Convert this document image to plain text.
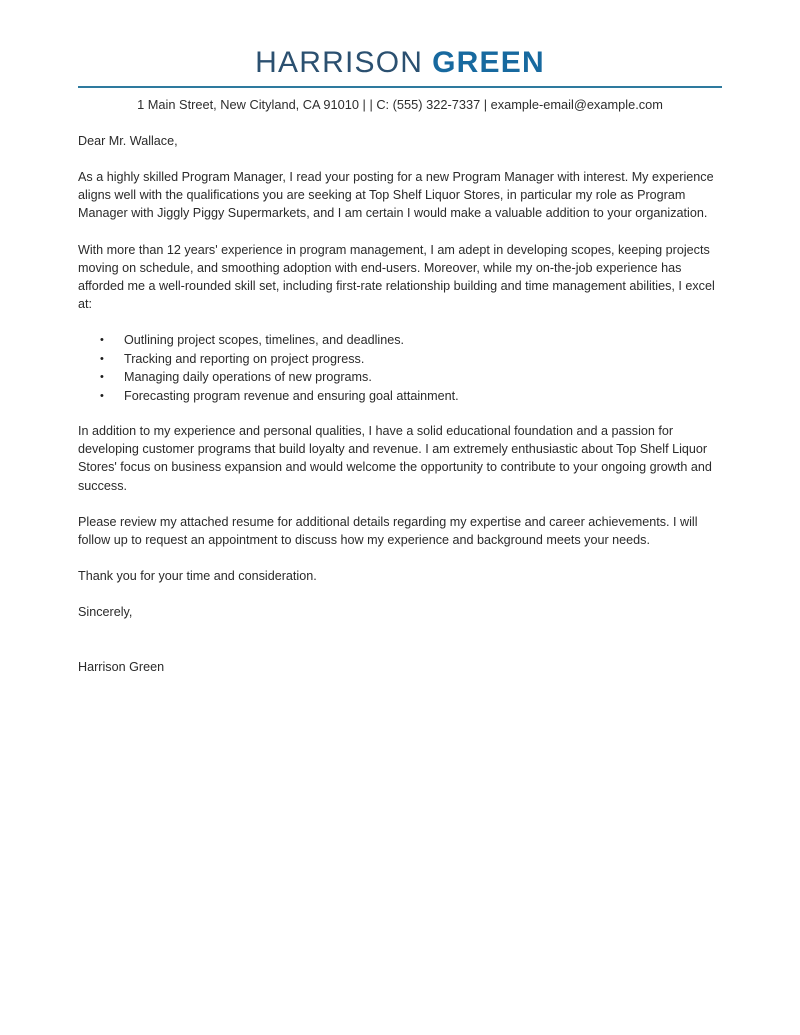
HARRISON GREEN
1 Main Street, New Cityland, CA 91010 | | C: (555) 322-7337 | example-email@example.com

Dear Mr. Wallace,

As a highly skilled Program Manager, I read your posting for a new Program Manager with interest. My experience aligns well with the qualifications you are seeking at Top Shelf Liquor Stores, in particular my role as Program Manager with Jiggly Piggy Supermarkets, and I am certain I would make a valuable addition to your organization.

With more than 12 years' experience in program management, I am adept in developing scopes, keeping projects moving on schedule, and smoothing adoption with end-users. Moreover, while my on-the-job experience has afforded me a well-rounded skill set, including first-rate relationship building and time management abilities, I excel at:

• Outlining project scopes, timelines, and deadlines.
• Tracking and reporting on project progress.
• Managing daily operations of new programs.
• Forecasting program revenue and ensuring goal attainment.

In addition to my experience and personal qualities, I have a solid educational foundation and a passion for developing customer programs that build loyalty and revenue. I am extremely enthusiastic about Top Shelf Liquor Stores' focus on business expansion and would welcome the opportunity to contribute to your ongoing growth and success.

Please review my attached resume for additional details regarding my expertise and career achievements. I will follow up to request an appointment to discuss how my experience and background meets your needs.

Thank you for your time and consideration.

Sincerely,

Harrison Green
